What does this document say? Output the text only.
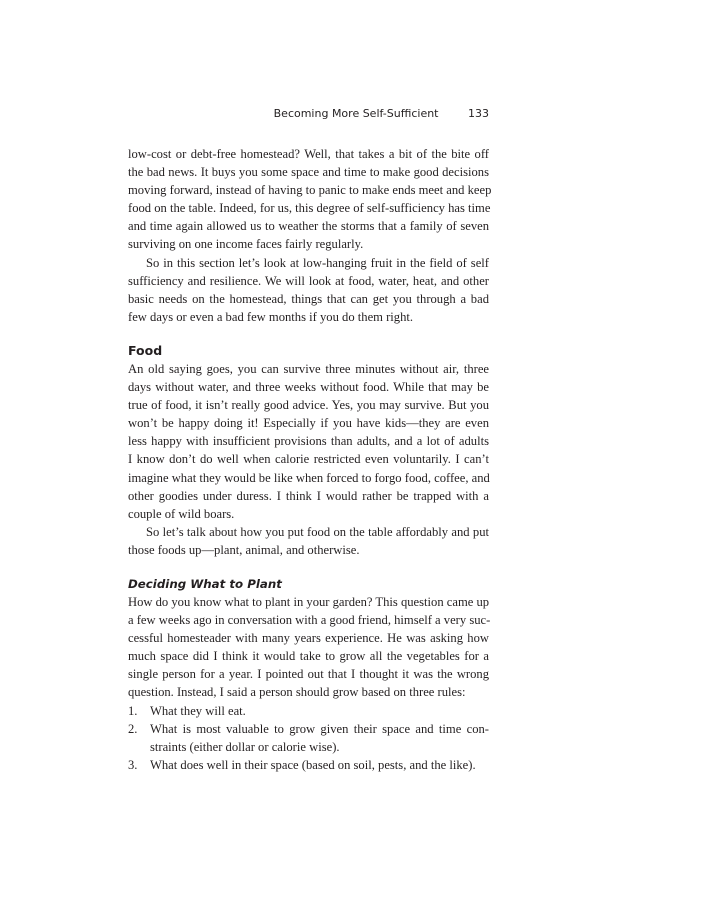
Becoming More Self-Sufficient	133
low-cost or debt-free homestead? Well, that takes a bit of the bite off
the bad news. It buys you some space and time to make good decisions
moving forward, instead of having to panic to make ends meet and keep
food on the table. Indeed, for us, this degree of self-sufficiency has time
and time again allowed us to weather the storms that a family of seven
surviving on one income faces fairly regularly.
So in this section let’s look at low-hanging fruit in the field of self
sufficiency and resilience. We will look at food, water, heat, and other
basic needs on the homestead, things that can get you through a bad
few days or even a bad few months if you do them right.
Food
An old saying goes, you can survive three minutes without air, three
days without water, and three weeks without food. While that may be
true of food, it isn’t really good advice. Yes, you may survive. But you
won’t be happy doing it! Especially if you have kids—they are even
less happy with insufficient provisions than adults, and a lot of adults
I know don’t do well when calorie restricted even voluntarily. I can’t
imagine what they would be like when forced to forgo food, coffee, and
other goodies under duress. I think I would rather be trapped with a
couple of wild boars.
So let’s talk about how you put food on the table affordably and put
those foods up—plant, animal, and otherwise.
Deciding What to Plant
How do you know what to plant in your garden? This question came up
a few weeks ago in conversation with a good friend, himself a very suc-
cessful homesteader with many years experience. He was asking how
much space did I think it would take to grow all the vegetables for a
single person for a year. I pointed out that I thought it was the wrong
question. Instead, I said a person should grow based on three rules:
1. What they will eat.
2. What is most valuable to grow given their space and time con-
straints (either dollar or calorie wise).
3. What does well in their space (based on soil, pests, and the like).
